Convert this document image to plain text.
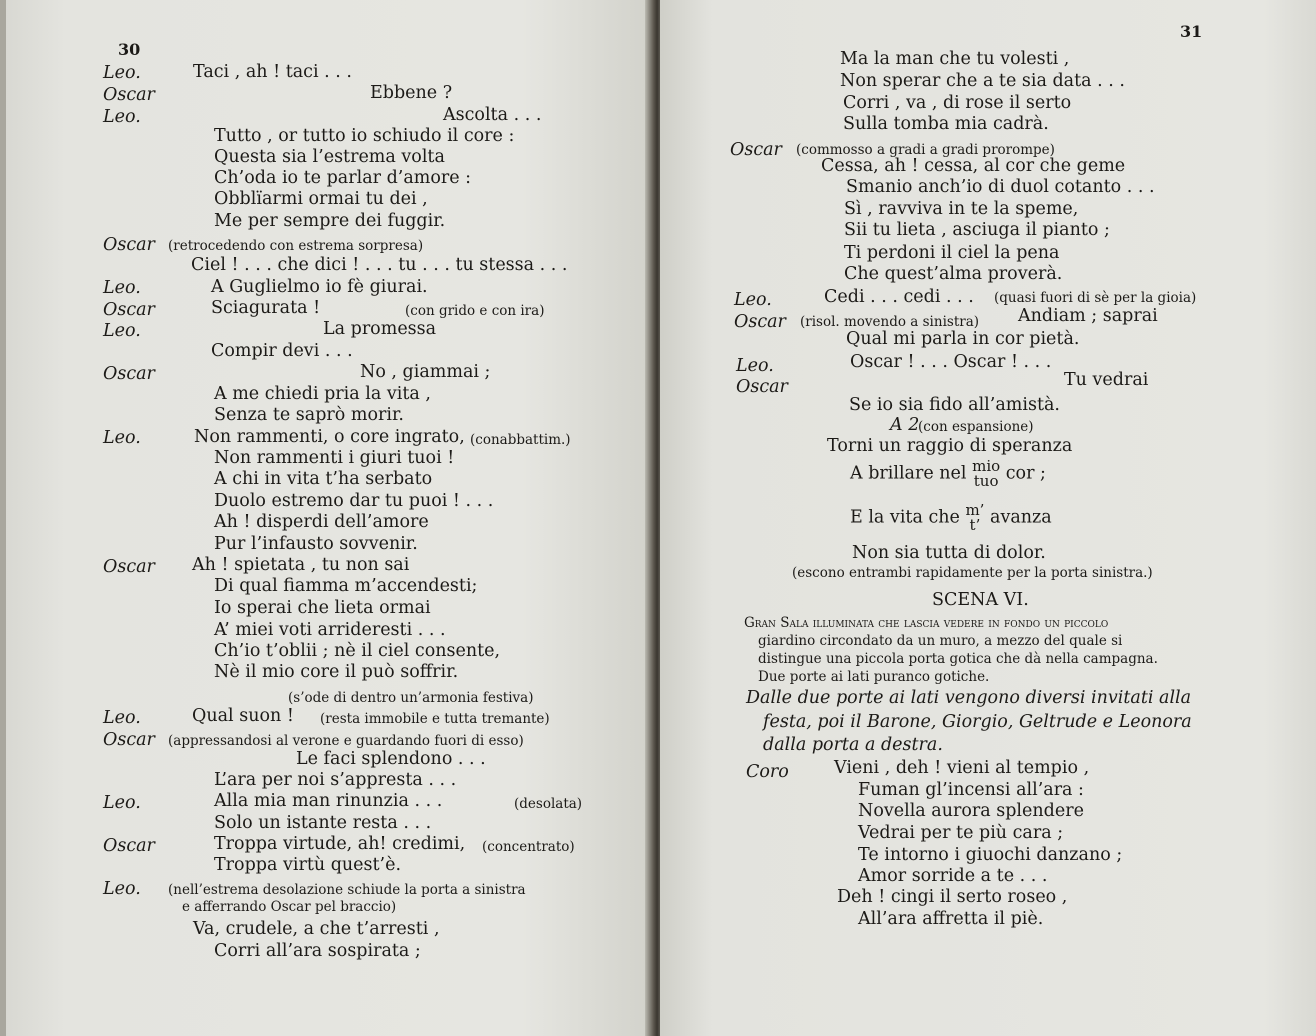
30
Leo.	Taci , ah ! taci . . .
Oscar	Ebbene ?
Leo.	Ascolta . . .
Tutto , or tutto io schiudo il core :
Questa sia l’estrema volta
Ch’oda io te parlar d’amore :
Obblïarmi ormai tu dei ,
Me per sempre dei fuggir.
Oscar (retrocedendo con estrema sorpresa)
Ciel ! . . . che dici ! . . . tu . . . tu stessa . . .
Leo.	A Guglielmo io fè giurai.
Oscar	Sciagurata !	(con grido e con ira)
Leo.	La promessa
Compir devi . . .
Oscar	No , giammai ;
A me chiedi pria la vita ,
Senza te saprò morir.
Leo.	Non rammenti, o core ingrato, (conabbattim.)
Non rammenti i giuri tuoi !
A chi in vita t’ha serbato
Duolo estremo dar tu puoi ! . . .
Ah ! disperdi dell’amore
Pur l’infausto sovvenir.
Oscar Ah ! spietata , tu non sai
Di qual fiamma m’accendesti;
Io sperai che lieta ormai
A’ miei voti arrideresti . . .
Ch’io t’oblii ; nè il ciel consente,
Nè il mio core il può soffrir.
(s’ode di dentro un’armonia festiva)
Leo.	Qual suon ! (resta immobile e tutta tremante)
Oscar (appressandosi al verone e guardando fuori di esso)
Le faci splendono . . .
L’ara per noi s’appresta . . .
Leo.	Alla mia man rinunzia . . .	(desolata)
Solo un istante resta . . .
Oscar	Troppa virtude, ah! credimi, (concentrato)
Troppa virtù quest’è.
Leo. (nell’estrema desolazione schiude la porta a sinistra
e afferrando Oscar pel braccio)
Va, crudele, a che t’arresti ,
Corri all’ara sospirata ;
31
Ma la man che tu volesti ,
Non sperar che a te sia data . . .
Corri , va , di rose il serto
Sulla tomba mia cadrà.
Oscar (commosso a gradi a gradi prorompe)
Cessa, ah ! cessa, al cor che geme
Smanio anch’io di duol cotanto . . .
Sì , ravviva in te la speme,
Sii tu lieta , asciuga il pianto ;
Ti perdoni il ciel la pena
Che quest’alma proverà.
Leo.	Cedi . . . cedi . . . (quasi fuori di sè per la gioia)
Oscar (risol. movendo a sinistra) Andiam ; saprai
Qual mi parla in cor pietà.
Leo.	Oscar ! . . . Oscar ! . . .
Oscar	Tu vedrai
Se io sia fido all’amistà.
A 2
(con espansione)
Torni un raggio di speranza
A brillare nel mio
tuo cor ;
E la vita che m’
t’ avanza
Non sia tutta di dolor.
(escono entrambi rapidamente per la porta sinistra.)
SCENA VI.
Gran Sala illuminata che lascia vedere in fondo un piccolo
giardino circondato da un muro, a mezzo del quale si
distingue una piccola porta gotica che dà nella campagna.
Due porte ai lati puranco gotiche.
Dalle due porte ai lati vengono diversi invitati alla
festa, poi il Barone, Giorgio, Geltrude e Leonora
dalla porta a destra.
Coro	Vieni , deh ! vieni al tempio ,
Fuman gl’incensi all’ara :
Novella aurora splendere
Vedrai per te più cara ;
Te intorno i giuochi danzano ;
Amor sorride a te . . .
Deh ! cingi il serto roseo ,
All’ara affretta il piè.
